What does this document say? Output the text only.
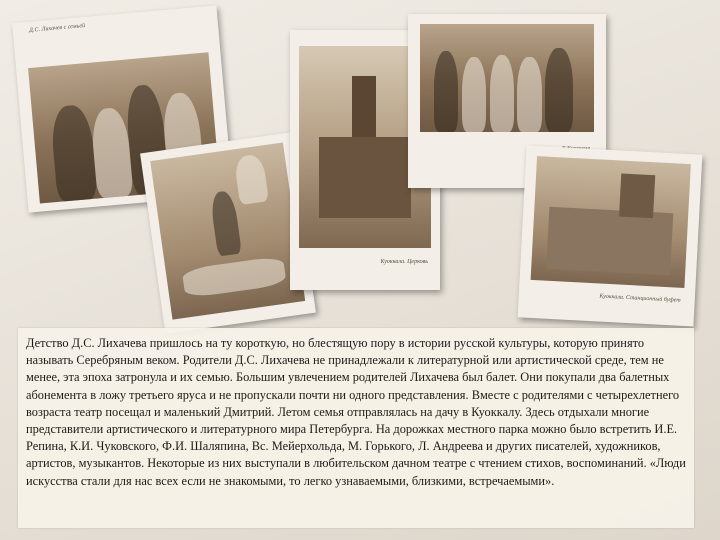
Д.С. Лихачев с семьей
Куоккала. Церковь
Куоккала. Станционный буфет

Детство Д.С. Лихачева пришлось на ту короткую, но блестящую пору в истории русской культуры, которую принято называть Серебряным веком. Родители Д.С. Лихачева не принадлежали к литературной или артистической среде, тем не менее, эта эпоха затронула и их семью. Большим увлечением родителей Лихачева был балет. Они покупали два балетных абонемента в ложу третьего яруса и не пропускали почти ни одного представления. Вместе с родителями с четырехлетнего возраста театр посещал и маленький Дмитрий. Летом семья отправлялась на дачу в Куоккалу. Здесь отдыхали многие представители артистического и литературного мира Петербурга. На дорожках местного парка можно было встретить И.Е. Репина, К.И. Чуковского, Ф.И. Шаляпина, Вс. Мейерхольда, М. Горького, Л. Андреева и других писателей, художников, артистов, музыкантов. Некоторые из них выступали в любительском дачном театре с чтением стихов, воспоминаний. «Люди искусства стали для нас всех если не знакомыми, то легко узнаваемыми, близкими, встречаемыми».
